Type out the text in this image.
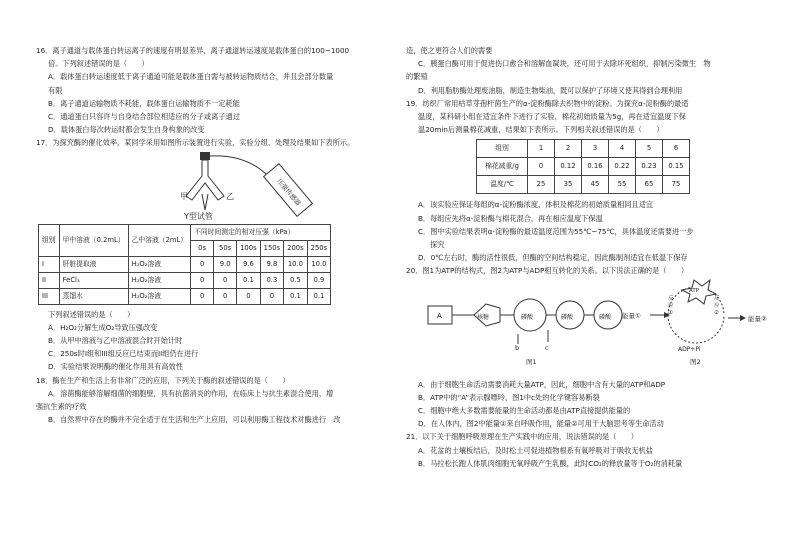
16．离子通道与载体蛋白转运离子的速度有明显差异，离子通道转运速度是载体蛋白的100~1000

倍。下列叙述错误的是（　　）

A．载体蛋白转运速度低于离子通道可能是载体蛋白需与被转运物质结合，并且会部分数量

有限

B．离子通道运输物质不耗能，载体蛋白运输物质不一定耗能

C．通道蛋白只容许与自身结合部位相适应的分子或离子通过

D．载体蛋白每次转运时都会发生自身构象的改变

17．为探究酶的催化效率，某同学采用如图所示装置进行实验，实验分组、处理及结果如下表所示。

甲	乙
Y型试管
压强传感器
组别	甲中溶液（0.2mL）	乙中溶液（2mL）	不同时间测定的相对压强（kPa）					
			0s	50s	100s	150s	200s	250s
I	肝脏提取液	H₂O₂溶液	0	9.0	9.6	9.8	10.0	10.0
II	FeCl₃	H₂O₂溶液	0	0	0.1	0.3	0.5	0.9
III	蒸馏水	H₂O₂溶液	0	0	0	0	0.1	0.1

下列叙述错误的是（　　）

A．H₂O₂分解生成O₂导致压强改变

B．从甲中溶液与乙中溶液混合时开始计时

C．250s时I组和III组反应已结束而II组仍在进行

D．实验结果说明酶的催化作用具有高效性

18．酶在生产和生活上有非常广泛的应用，下列关于酶的叙述错误的是（　　）

A．溶菌酶能够溶解细菌的细胞壁，具有抗菌消炎的作用，在临床上与抗生素混合使用，增

强抗生素的疗效

B．自然界中存在的酶并不完全适于在生活和生产上应用，可以利用酶工程技术对酶进行　改

造，使之更符合人们的需要

C．胰蛋白酶可用于促进伤口愈合和溶解血凝块，还可用于去除坏死组织，抑制污染微生　物

的繁殖

D．利用脂肪酶处理废油脂，制造生物柴油，既可以保护了环境又使其得到合理利用

19．纺织厂常用枯草芽孢杆菌生产的α-淀粉酶除去织物中的淀粉。为探究α-淀粉酶的最适

温度，某科研小组在适宜条件下进行了实验，棉花初始质量为5g，再在适宜温度下保

温20min后测量棉花减重，结果如下表所示。下列相关叙述错误的是（　　）

组别	1	2	3	4	5	6
棉花减重/g	0	0.12	0.16	0.22	0.23	0.15
温度/℃	25	35	45	55	65	75

A．该实验应保证每组的α-淀粉酶浓度、体积及棉花的初始质量相同且适宜

B．每组应先将α-淀粉酶与棉花混合，再在相应温度下保温

C．图中实验结果表明α-淀粉酶的最适温度范围为55℃~75℃，具体温度还需要进一步

探究

D．0℃左右时，酶的活性很低，但酶的空间结构稳定，因此酶制剂适宜在低温下保存

20．图1为ATP的结构式，图2为ATP与ADP相互转化的关系。以下说法正确的是（　　）

A	核糖	磷酸	磷酸	磷酸
b	c
图1
能量①
ATP
反应①
反应②
ADP+Pi
能量②
图2

A．由于细胞生命活动需要消耗大量ATP，因此，细胞中含有大量的ATP和ADP

B．ATP中的“A”表示腺嘌呤，图1中c处的化学键容易断裂

C．细胞中绝大多数需要能量的生命活动都是由ATP直接提供能量的

D．在人体内，图2中能量①来自呼吸作用，能量②可用于大脑思考等生命活动

21．以下关于细胞呼吸原理在生产实践中的应用，说法错误的是（　　）

A．花盆的土壤板结后，及时松土可促进植物根系有氧呼吸对于吸收无机盐

B．马拉松长跑人体肌肉细胞无氧呼吸产生乳酸，此时CO₂的释放量等于O₂的消耗量
